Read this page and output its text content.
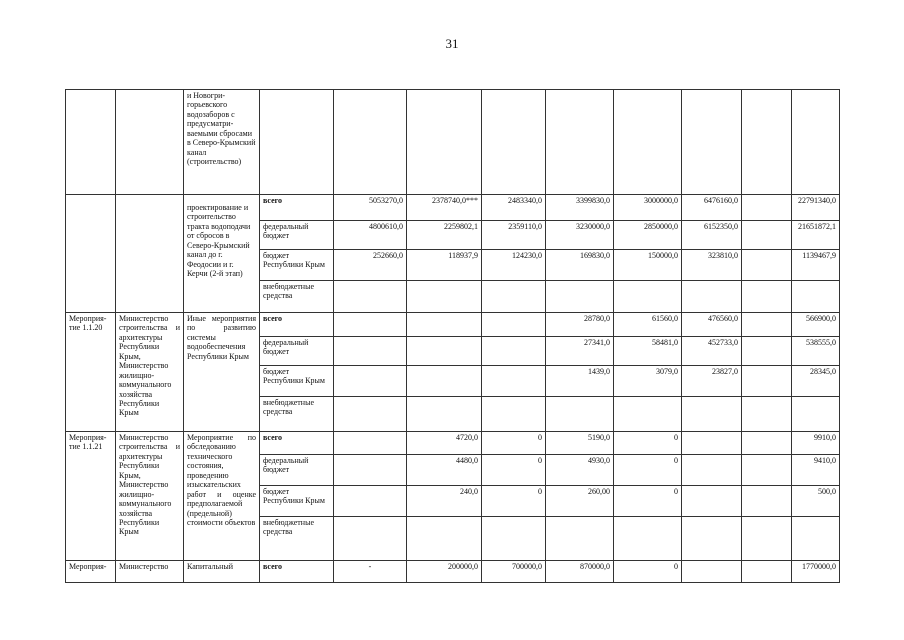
31
		и Новогри-горьевского водозаборов с предусматри-ваемыми сбросами в Северо-Крымский канал (строительство)									
		проектирование и строительство тракта водоподачи от сбросов в Северо-Крымский канал до г. Феодосии и г. Керчи (2-й этап)	всего	5053270,0	2378740,0***	2483340,0	3399830,0	3000000,0	6476160,0		22791340,0
			федеральный бюджет	4800610,0	2259802,1	2359110,0	3230000,0	2850000,0	6152350,0		21651872,1
			бюджет Республики Крым	252660,0	118937,9	124230,0	169830,0	150000,0	323810,0		1139467,9
			внебюджетные средства								
Мероприя-тие 1.1.20	Министерство строительства и архитектуры Республики Крым, Министерство жилищно-коммунального хозяйства Республики Крым	Иные мероприятия по развитию системы водообеспечения Республики Крым	всего				28780,0	61560,0	476560,0		566900,0
			федеральный бюджет				27341,0	58481,0	452733,0		538555,0
			бюджет Республики Крым				1439,0	3079,0	23827,0		28345,0
			внебюджетные средства								
Мероприя-тие 1.1.21	Министерство строительства и архитектуры Республики Крым, Министерство жилищно-коммунального хозяйства Республики Крым	Мероприятие по обследованию технического состояния, проведению изыскательских работ и оценке предполагаемой (предельной) стоимости объектов	всего		4720,0	0	5190,0	0			9910,0
			федеральный бюджет		4480,0	0	4930,0	0			9410,0
			бюджет Республики Крым		240,0	0	260,00	0			500,0
			внебюджетные средства								
Мероприя-	Министерство	Капитальный	всего	-	200000,0	700000,0	870000,0	0			1770000,0
